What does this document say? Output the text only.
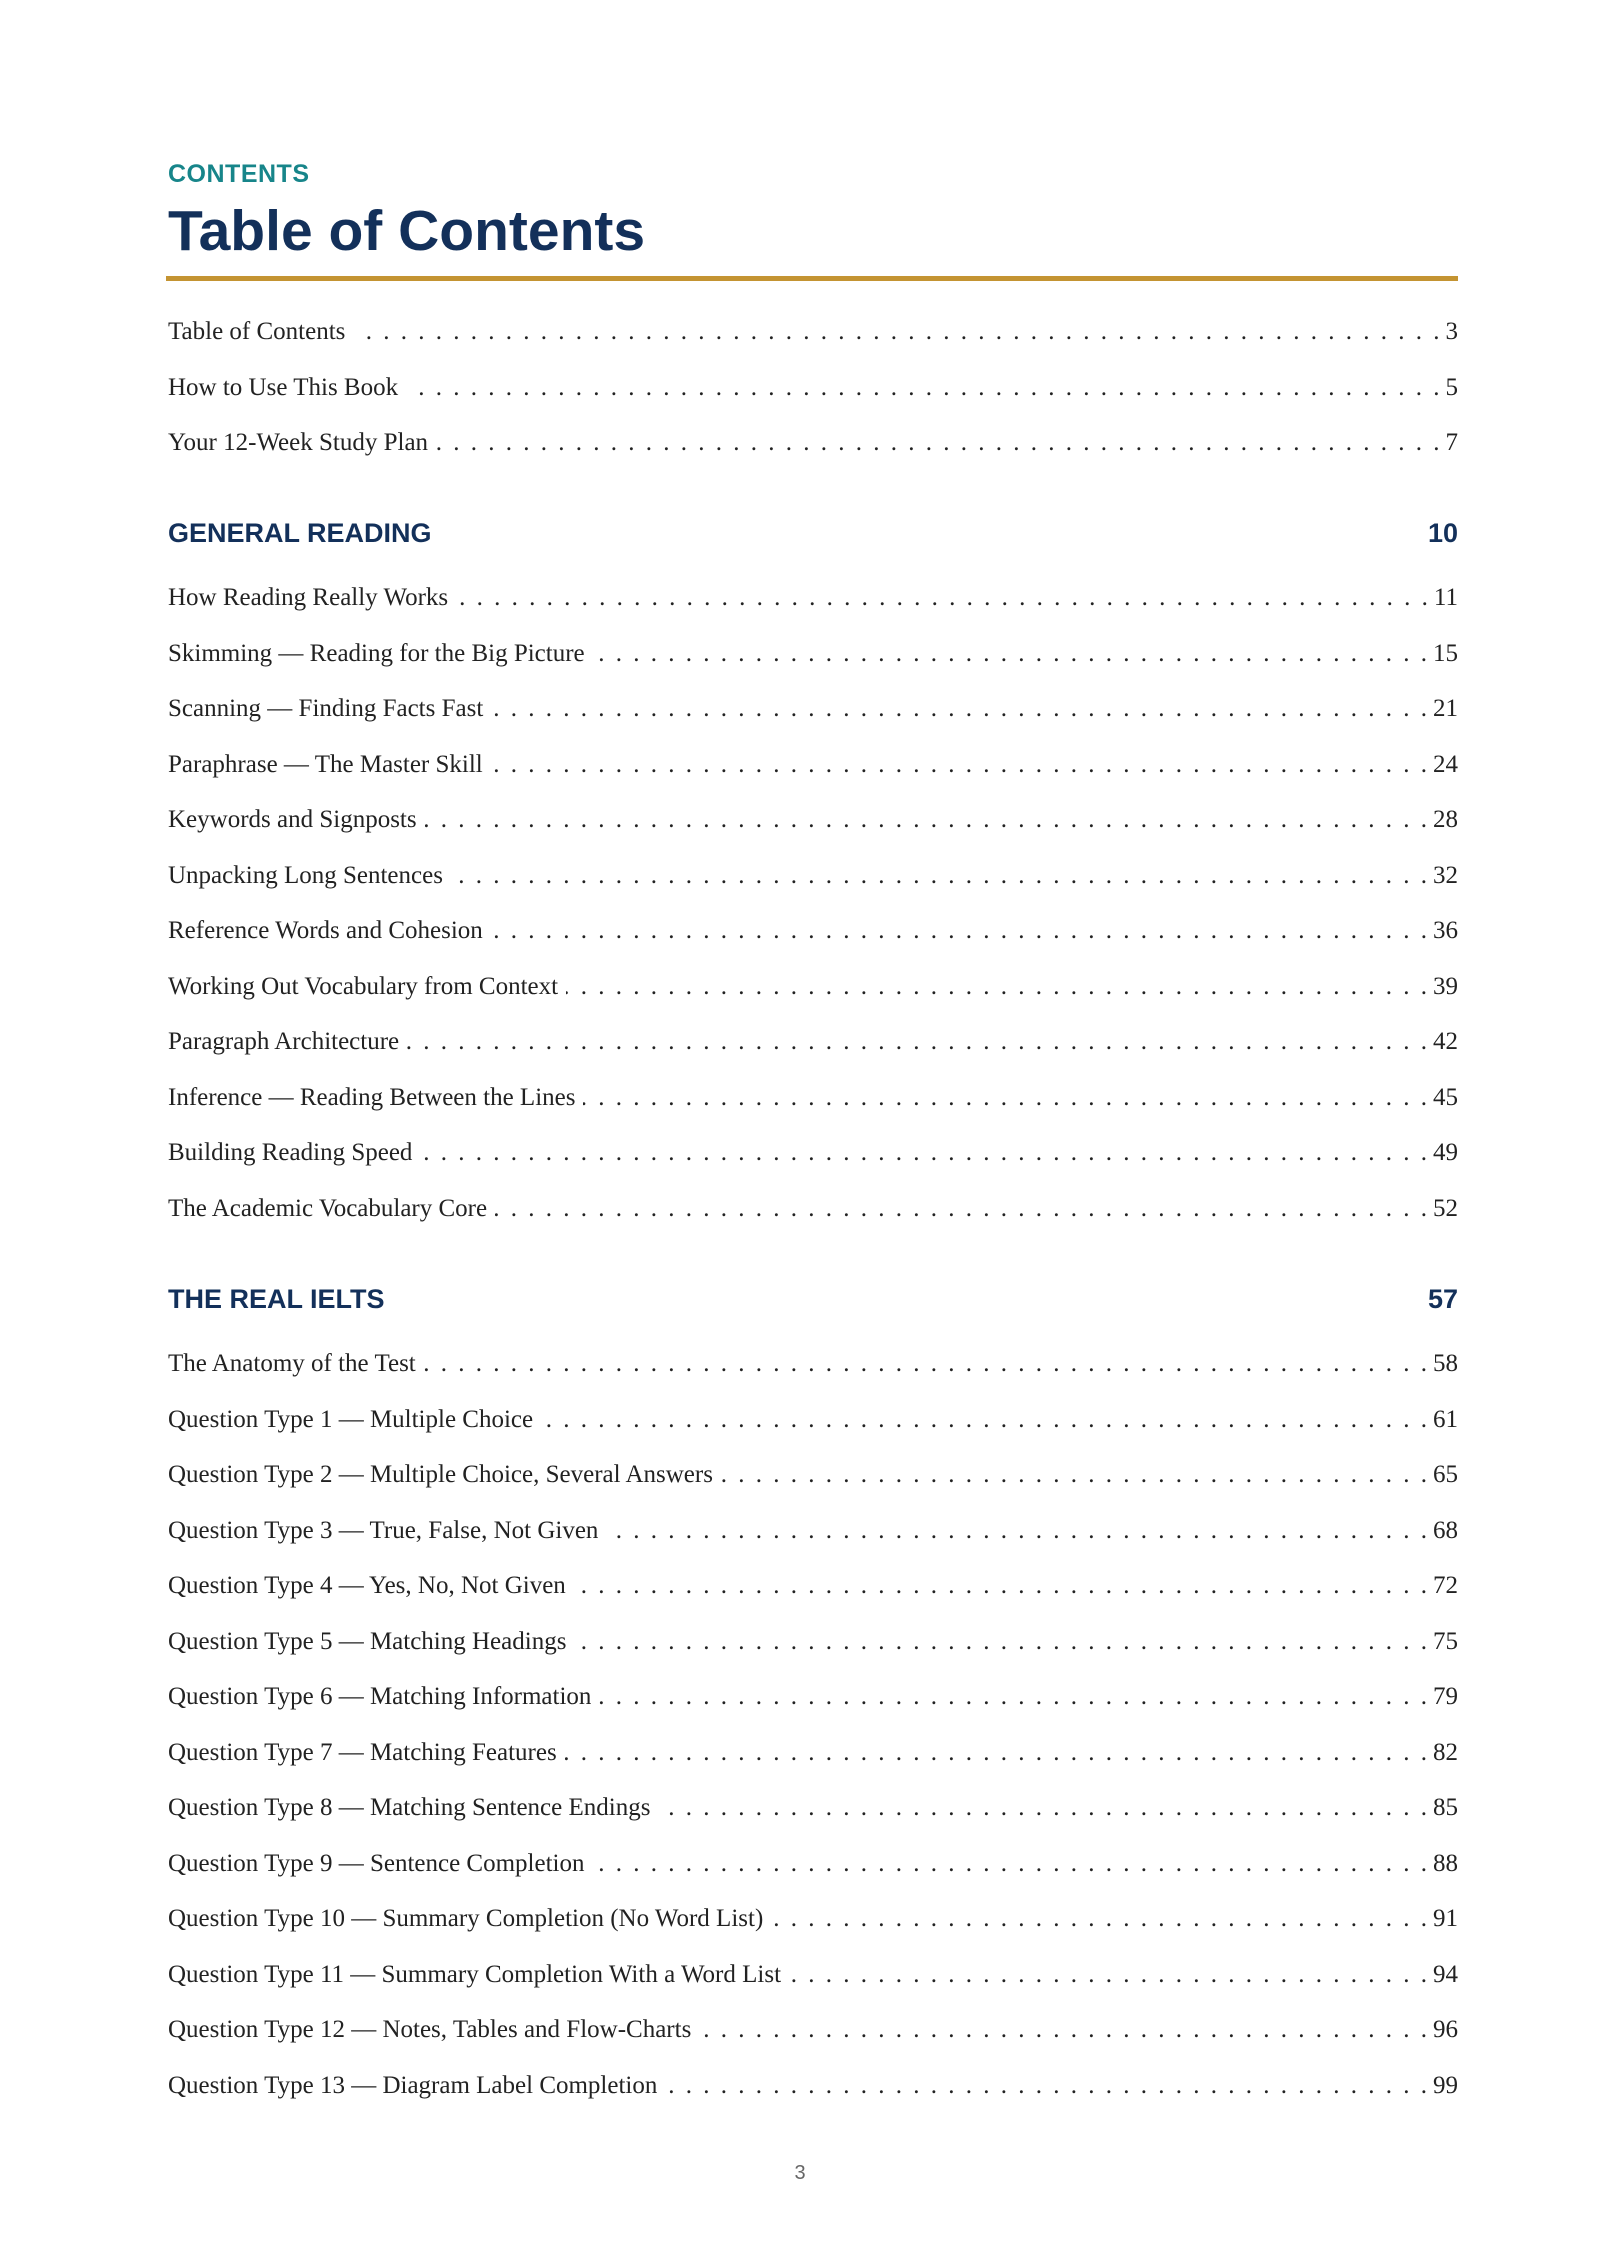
CONTENTS
Table of Contents
Table of Contents . . .	3
How to Use This Book . . .	5
Your 12-Week Study Plan . . .	7
GENERAL READING	10
How Reading Really Works . . .	11
Skimming — Reading for the Big Picture . . .	15
Scanning — Finding Facts Fast . . .	21
Paraphrase — The Master Skill . . .	24
Keywords and Signposts . . .	28
Unpacking Long Sentences . . .	32
Reference Words and Cohesion . . .	36
Working Out Vocabulary from Context . . .	39
Paragraph Architecture . . .	42
Inference — Reading Between the Lines . . .	45
Building Reading Speed . . .	49
The Academic Vocabulary Core . . .	52
THE REAL IELTS	57
The Anatomy of the Test . . .	58
Question Type 1 — Multiple Choice . . .	61
Question Type 2 — Multiple Choice, Several Answers . . .	65
Question Type 3 — True, False, Not Given . . .	68
Question Type 4 — Yes, No, Not Given . . .	72
Question Type 5 — Matching Headings . . .	75
Question Type 6 — Matching Information . . .	79
Question Type 7 — Matching Features . . .	82
Question Type 8 — Matching Sentence Endings . . .	85
Question Type 9 — Sentence Completion . . .	88
Question Type 10 — Summary Completion (No Word List) . . .	91
Question Type 11 — Summary Completion With a Word List . . .	94
Question Type 12 — Notes, Tables and Flow-Charts . . .	96
Question Type 13 — Diagram Label Completion . . .	99
3
